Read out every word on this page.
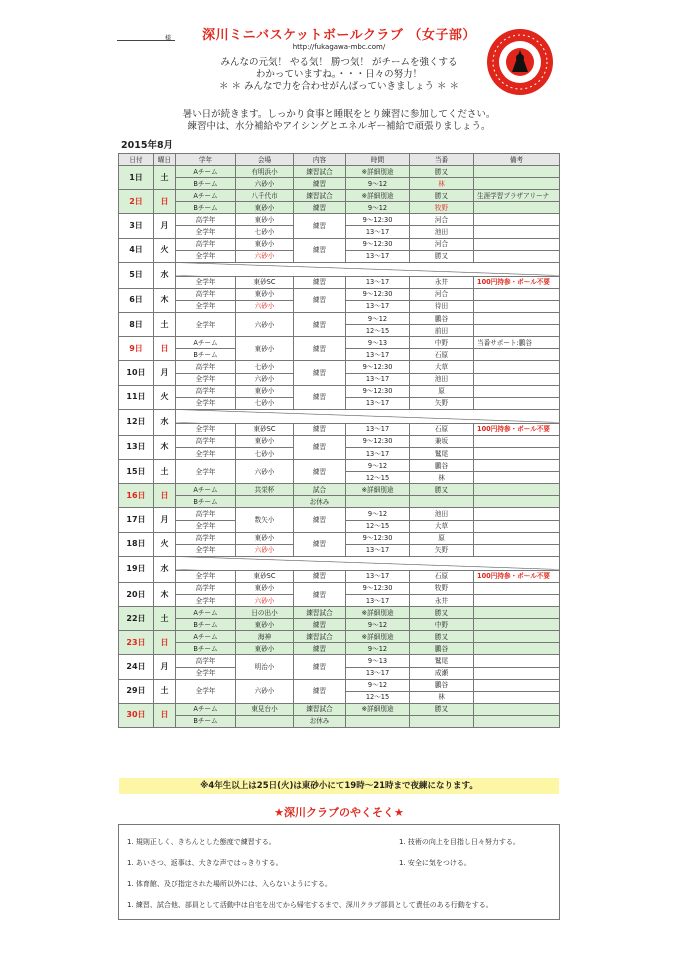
様	深川ミニバスケットボールクラブ （女子部）
http://fukagawa-mbc.com/
みんなの元気！ やる気！ 勝つ気！ がチームを強くする
わかっていますね。・・・日々の努力！
＊ ＊ みんなで力を合わせがんばっていきましょう ＊ ＊
暑い日が続きます。しっかり食事と睡眠をとり練習に参加してください。
練習中は、水分補給やアイシングとエネルギー補給で頑張りましょう。
2015年8月
日付	曜日	学年	会場	内容	時間	当番	備考
1日	土	Aチーム	有明浜小	練習試合	※詳細別途	勝又	
		Bチーム	六砂小	練習	9〜12	林	
2日	日	Aチーム	八千代市	練習試合	※詳細別途	勝又	生涯学習プラザアリーナ
		Bチーム	東砂小	練習	9〜12	牧野	
3日	月	高学年	東砂小	練習	9〜12:30	河合	
		全学年	七砂小		13〜17	池田	
4日	火	高学年	東砂小	練習	9〜12:30	河合	
		全学年	六砂小		13〜17	勝又	
5日	水						
		全学年	東砂SC	練習	13〜17	永井	100円持参・ボール不要
6日	木	高学年	東砂小	練習	9〜12:30	河合	
		全学年	六砂小		13〜17	待田	
8日	土	全学年	六砂小	練習	9〜12	鵬谷	
					12〜15	前田	
9日	日	Aチーム	東砂小	練習	9〜13	中野	当番サポート:鵬谷
		Bチーム			13〜17	石原	
10日	月	高学年	七砂小	練習	9〜12:30	大草	
		全学年	六砂小		13〜17	池田	
11日	火	高学年	東砂小	練習	9〜12:30	原	
		全学年	七砂小		13〜17	矢野	
12日	水						
		全学年	東砂SC	練習	13〜17	石原	100円持参・ボール不要
13日	木	高学年	東砂小	練習	9〜12:30	兼坂	
		全学年	七砂小		13〜17	鷲尾	
15日	土	全学年	六砂小	練習	9〜12	鵬谷	
					12〜15	林	
16日	日	Aチーム	共栄杯	試合	※詳細別途	勝又	
		Bチーム		お休み			
17日	月	高学年	数矢小	練習	9〜12	池田	
		全学年			12〜15	大草	
18日	火	高学年	東砂小	練習	9〜12:30	原	
		全学年	六砂小		13〜17	矢野	
19日	水						
		全学年	東砂SC	練習	13〜17	石原	100円持参・ボール不要
20日	木	高学年	東砂小	練習	9〜12:30	牧野	
		全学年	六砂小		13〜17	永井	
22日	土	Aチーム	日の出小	練習試合	※詳細別途	勝又	
		Bチーム	東砂小	練習	9〜12	中野	
23日	日	Aチーム	海神	練習試合	※詳細別途	勝又	
		Bチーム	東砂小	練習	9〜12	鵬谷	
24日	月	高学年	明治小	練習	9〜13	鷲尾	
		全学年			13〜17	成瀬	
29日	土	全学年	六砂小	練習	9〜12	鵬谷	
					12〜15	林	
30日	日	Aチーム	東見台小	練習試合	※詳細別途	勝又	
		Bチーム		お休み			
※4年生以上は25日(火)は東砂小にて19時〜21時まで夜練になります。
★深川クラブのやくそく★
1. 規則正しく、きちんとした態度で練習する。	1. 技術の向上を目指し日々努力する。
1. あいさつ、返事は、大きな声ではっきりする。	1. 安全に気をつける。
1. 体育館、及び指定された場所以外には、入らないようにする。
1. 練習、試合他、部員として活動中は自宅を出てから帰宅するまで、深川クラブ部員として責任のある行動をする。
